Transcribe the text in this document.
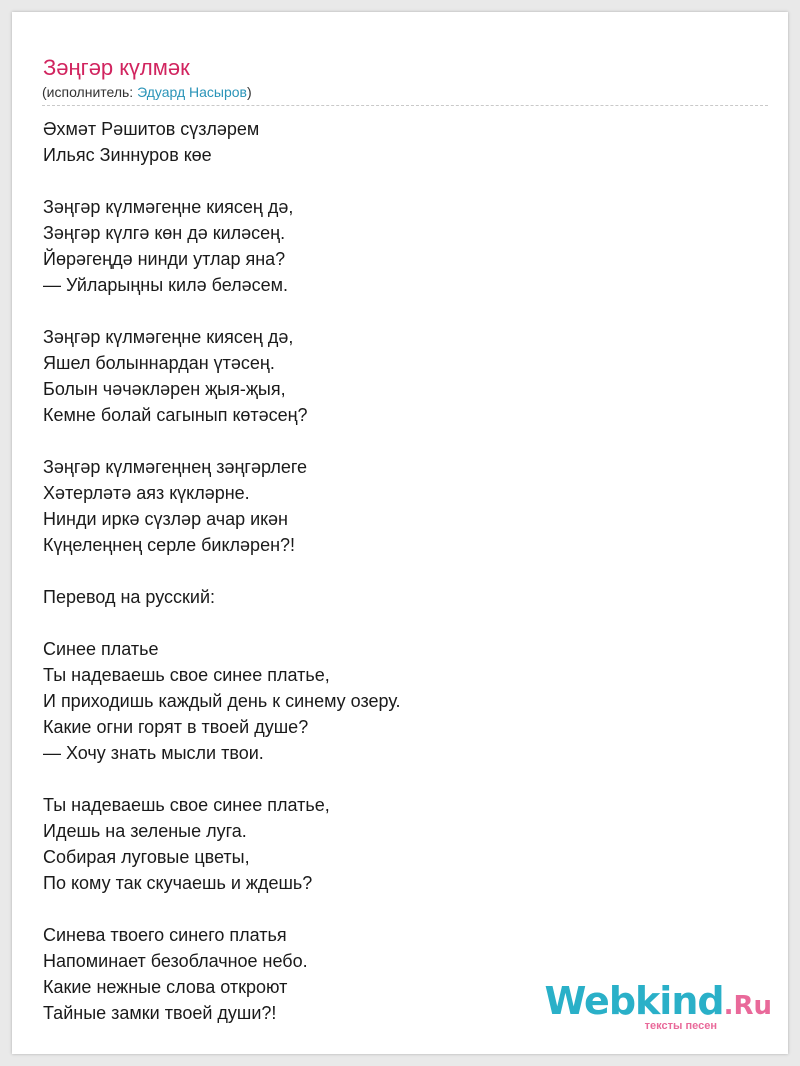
Зәңгәр күлмәк
(исполнитель: Эдуард Насыров)
Әхмәт Рәшитов сүзләрем
Ильяс Зиннуров көе
Зәңгәр күлмәгеңне киясең дә,
Зәңгәр күлгә көн дә киләсең.
Йөрәгеңдә нинди утлар яна?
— Уйларыңны килә беләсем.
Зәңгәр күлмәгеңне киясең дә,
Яшел болыннардан үтәсең.
Болын чәчәкләрен җыя-җыя,
Кемне болай сагынып көтәсең?
Зәңгәр күлмәгеңнең зәңгәрлеге
Хәтерләтә аяз күкләрне.
Нинди иркә сүзләр ачар икән
Күңелеңнең серле бикләрен?!
Перевод на русский:
Синее платье
Ты надеваешь свое синее платье,
И приходишь каждый день к синему озеру.
Какие огни горят в твоей душе?
— Хочу знать мысли твои.
Ты надеваешь свое синее платье,
Идешь на зеленые луга.
Собирая луговые цветы,
По кому так скучаешь и ждешь?
Синева твоего синего платья
Напоминает безоблачное небо.
Какие нежные слова откроют
Тайные замки твоей души?!	Webkind.Ru
тексты песен
